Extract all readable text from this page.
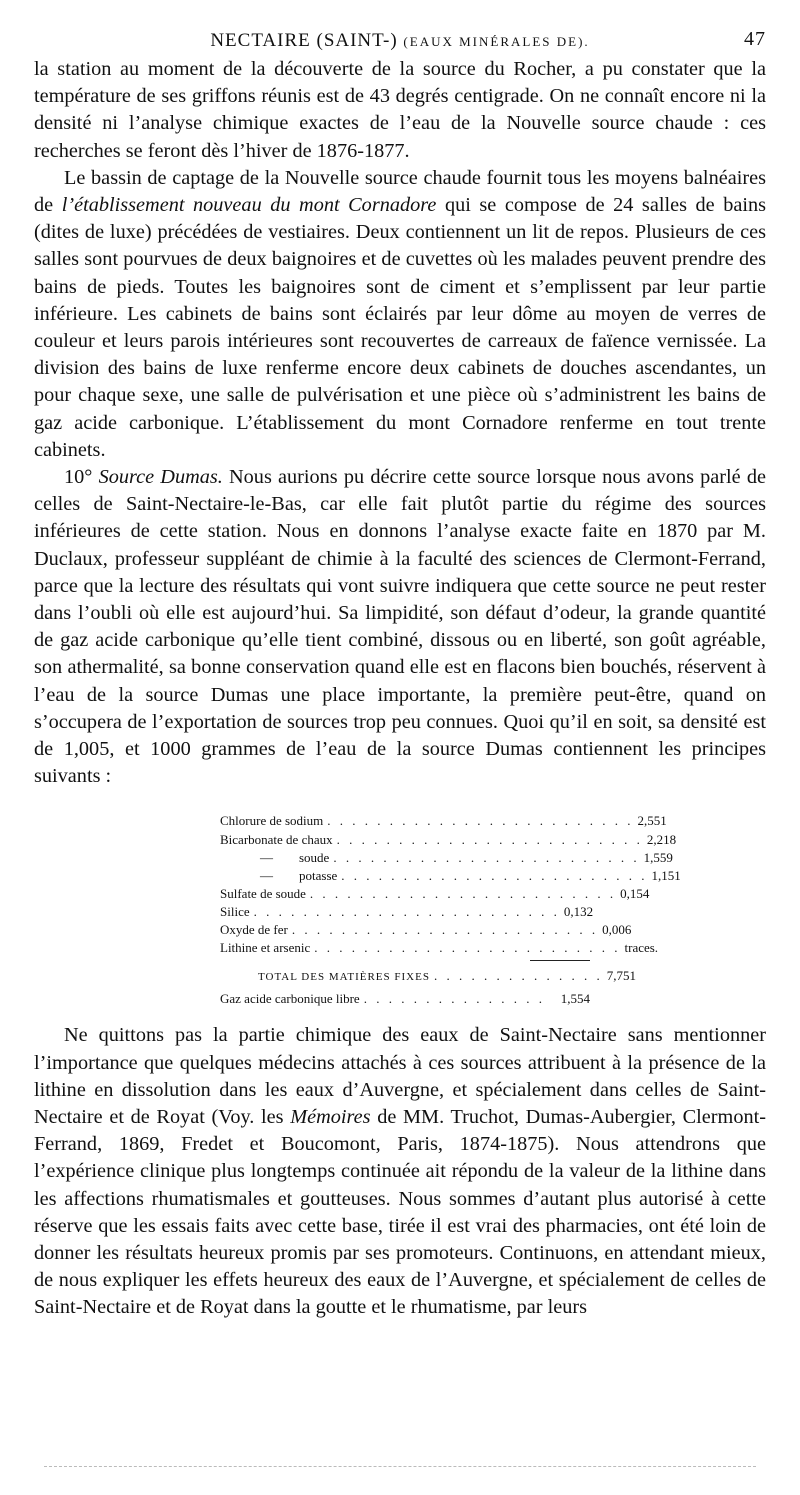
NECTAIRE (SAINT-) (EAUX MINÉRALES DE).	47

la station au moment de la découverte de la source du Rocher, a pu constater que la température de ses griffons réunis est de 43 degrés centigrade. On ne connaît encore ni la densité ni l’analyse chimique exactes de l’eau de la Nouvelle source chaude : ces recherches se feront dès l’hiver de 1876-1877.

Le bassin de captage de la Nouvelle source chaude fournit tous les moyens balnéaires de l’établissement nouveau du mont Cornadore qui se compose de 24 salles de bains (dites de luxe) précédées de vestiaires. Deux contiennent un lit de repos. Plusieurs de ces salles sont pourvues de deux baignoires et de cuvettes où les malades peuvent prendre des bains de pieds. Toutes les baignoires sont de ciment et s’emplissent par leur partie inférieure. Les cabinets de bains sont éclairés par leur dôme au moyen de verres de couleur et leurs parois intérieures sont recouvertes de carreaux de faïence vernissée. La division des bains de luxe renferme encore deux cabinets de douches ascendantes, un pour chaque sexe, une salle de pulvérisation et une pièce où s’administrent les bains de gaz acide carbonique. L’établissement du mont Cornadore renferme en tout trente cabinets.

10° Source Dumas. Nous aurions pu décrire cette source lorsque nous avons parlé de celles de Saint-Nectaire-le-Bas, car elle fait plutôt partie du régime des sources inférieures de cette station. Nous en donnons l’analyse exacte faite en 1870 par M. Duclaux, professeur suppléant de chimie à la faculté des sciences de Clermont-Ferrand, parce que la lecture des résultats qui vont suivre indiquera que cette source ne peut rester dans l’oubli où elle est aujourd’hui. Sa limpidité, son défaut d’odeur, la grande quantité de gaz acide carbonique qu’elle tient combiné, dissous ou en liberté, son goût agréable, son athermalité, sa bonne conservation quand elle est en flacons bien bouchés, réservent à l’eau de la source Dumas une place importante, la première peut-être, quand on s’occupera de l’exportation de sources trop peu connues. Quoi qu’il en soit, sa densité est de 1,005, et 1000 grammes de l’eau de la source Dumas contiennent les principes suivants :

Chlorure de sodium . . . . . . . . . . . . . . . . . . . . . . . . . 2,551
Bicarbonate de chaux . . . . . . . . . . . . . . . . . . . . . . . . . 2,218
—        soude . . . . . . . . . . . . . . . . . . . . . . . . . 1,559
—        potasse . . . . . . . . . . . . . . . . . . . . . . . . . 1,151
Sulfate de soude . . . . . . . . . . . . . . . . . . . . . . . . . 0,154
Silice . . . . . . . . . . . . . . . . . . . . . . . . . 0,132
Oxyde de fer . . . . . . . . . . . . . . . . . . . . . . . . . 0,006
Lithine et arsenic . . . . . . . . . . . . . . . . . . . . . . . . . traces.
TOTAL DES MATIÈRES FIXES . . . . . . . . . . . . . . 7,751
Gaz acide carbonique libre . . . . . . . . . . . . . . .	1,554

Ne quittons pas la partie chimique des eaux de Saint-Nectaire sans mentionner l’importance que quelques médecins attachés à ces sources attribuent à la présence de la lithine en dissolution dans les eaux d’Auvergne, et spécialement dans celles de Saint-Nectaire et de Royat (Voy. les Mémoires de MM. Truchot, Dumas-Aubergier, Clermont-Ferrand, 1869, Fredet et Boucomont, Paris, 1874-1875). Nous attendrons que l’expérience clinique plus longtemps continuée ait répondu de la valeur de la lithine dans les affections rhumatismales et goutteuses. Nous sommes d’autant plus autorisé à cette réserve que les essais faits avec cette base, tirée il est vrai des pharmacies, ont été loin de donner les résultats heureux promis par ses promoteurs. Continuons, en attendant mieux, de nous expliquer les effets heureux des eaux de l’Auvergne, et spécialement de celles de Saint-Nectaire et de Royat dans la goutte et le rhumatisme, par leurs
